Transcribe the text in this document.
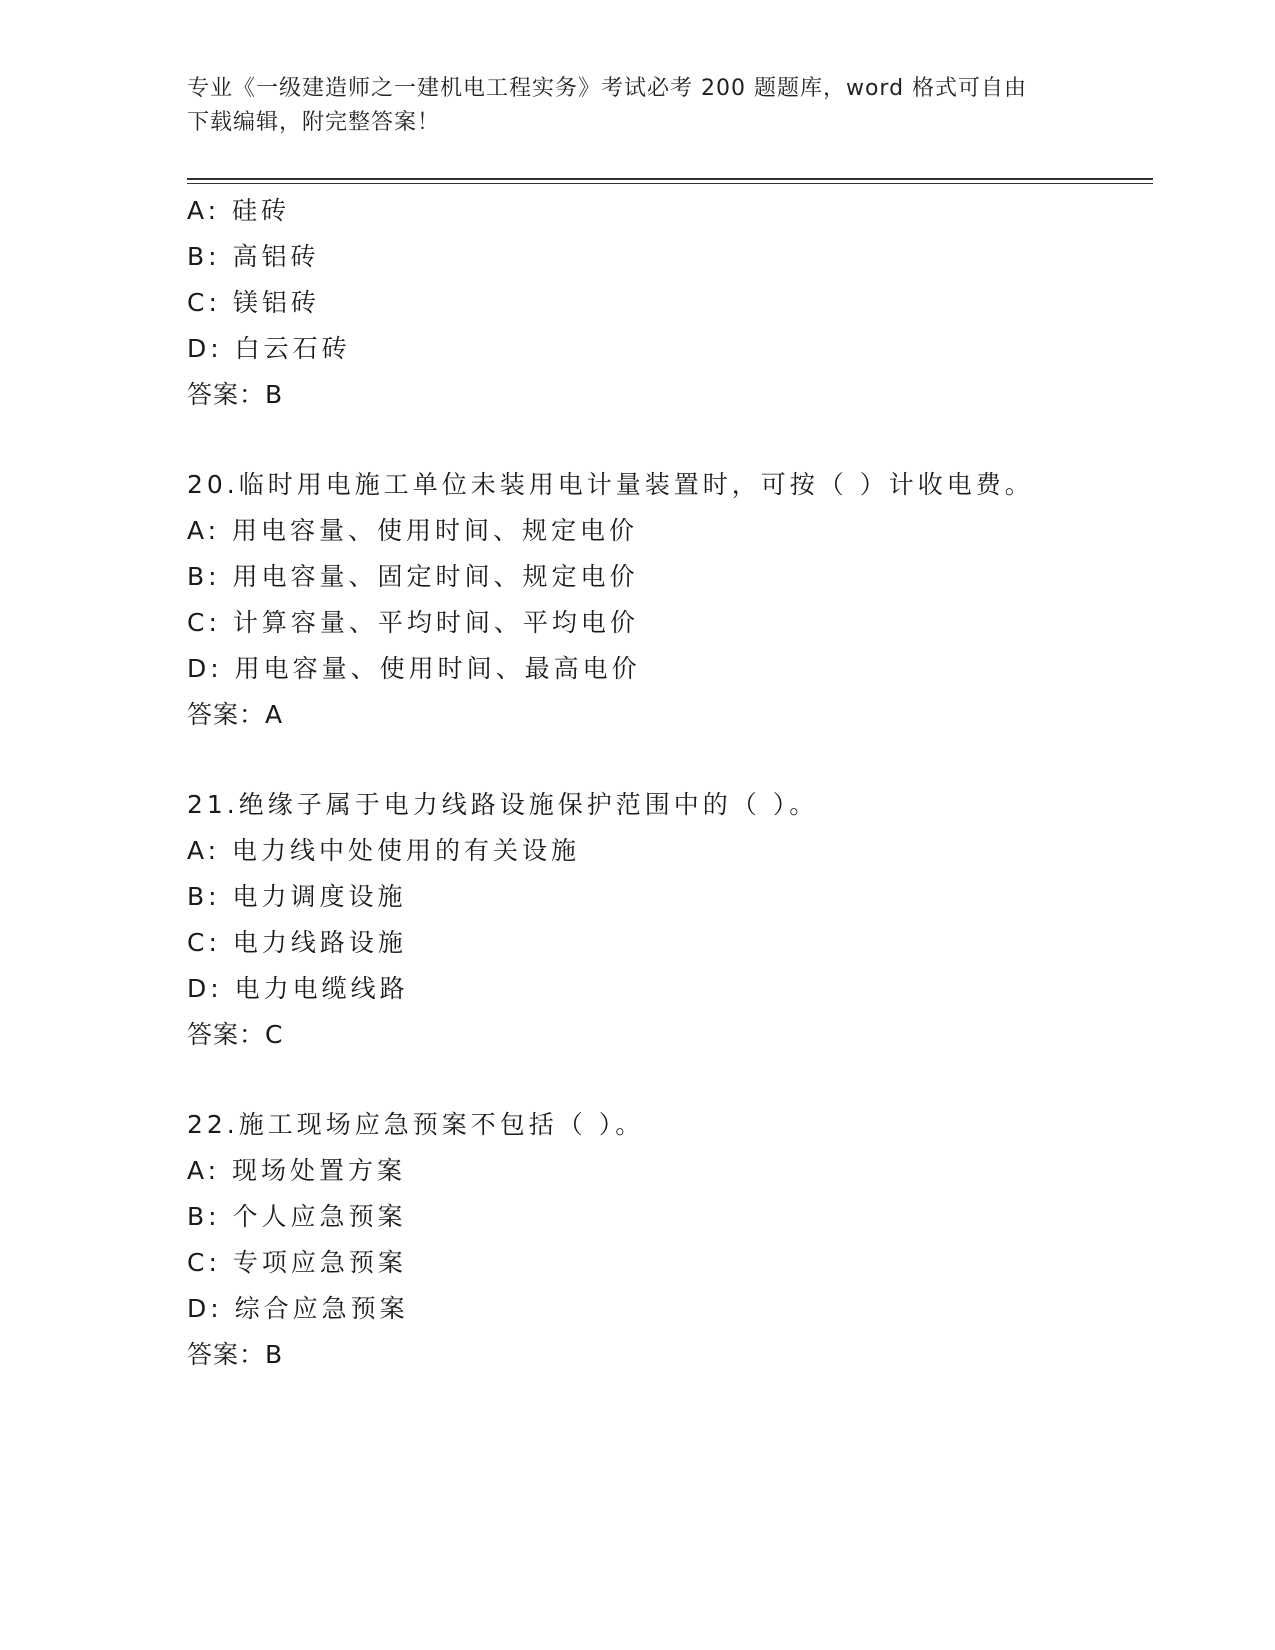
专业《一级建造师之一建机电工程实务》考试必考 200 题题库，word 格式可自由
下载编辑，附完整答案！
A: 硅砖
B: 高铝砖
C: 镁铝砖
D: 白云石砖
答案：B
20.临时用电施工单位未装用电计量装置时，可按（ ）计收电费。
A: 用电容量、使用时间、规定电价
B: 用电容量、固定时间、规定电价
C: 计算容量、平均时间、平均电价
D: 用电容量、使用时间、最高电价
答案：A
21.绝缘子属于电力线路设施保护范围中的（ ）。
A: 电力线中处使用的有关设施
B: 电力调度设施
C: 电力线路设施
D: 电力电缆线路
答案：C
22.施工现场应急预案不包括（ ）。
A: 现场处置方案
B: 个人应急预案
C: 专项应急预案
D: 综合应急预案
答案：B
